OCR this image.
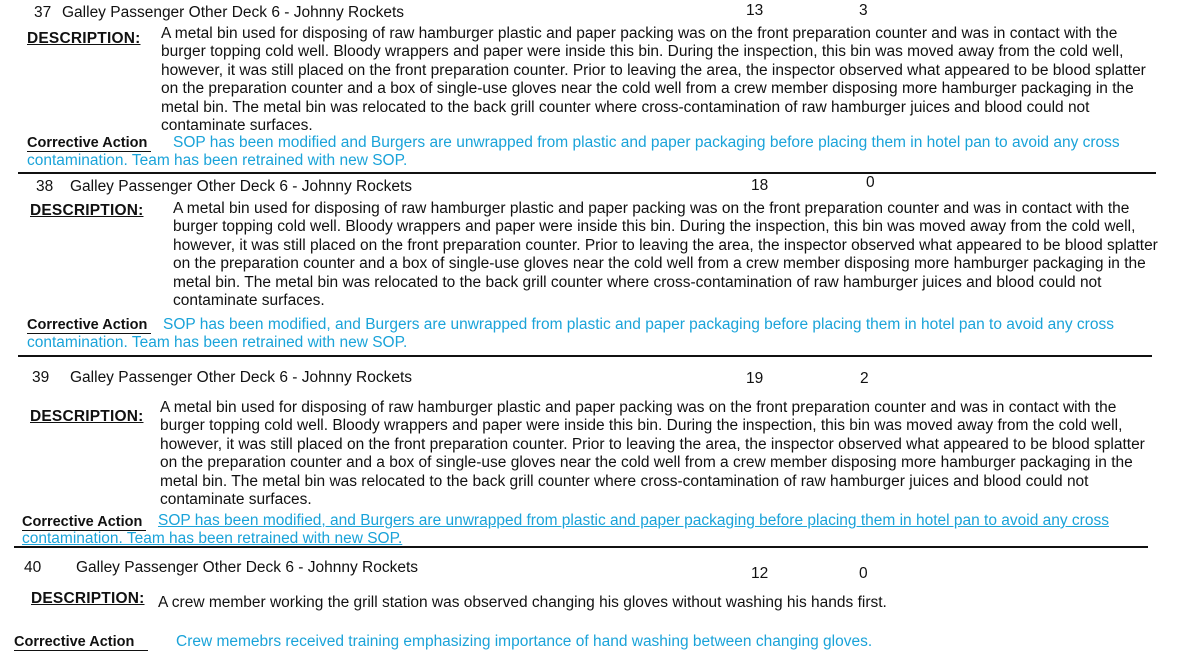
37 Galley Passenger Other Deck 6 - Johnny Rockets	13	3
DESCRIPTION: A metal bin used for disposing of raw hamburger plastic and paper packing was on the front preparation counter and was in contact with the burger topping cold well. Bloody wrappers and paper were inside this bin. During the inspection, this bin was moved away from the cold well, however, it was still placed on the front preparation counter. Prior to leaving the area, the inspector observed what appeared to be blood splatter on the preparation counter and a box of single-use gloves near the cold well from a crew member disposing more hamburger packaging in the metal bin. The metal bin was relocated to the back grill counter where cross-contamination of raw hamburger juices and blood could not contaminate surfaces.
Corrective Action	SOP has been modified and Burgers are unwrapped from plastic and paper packaging before placing them in hotel pan to avoid any cross contamination. Team has been retrained with new SOP.
38 Galley Passenger Other Deck 6 - Johnny Rockets	18	0
DESCRIPTION: A metal bin used for disposing of raw hamburger plastic and paper packing was on the front preparation counter and was in contact with the burger topping cold well. Bloody wrappers and paper were inside this bin. During the inspection, this bin was moved away from the cold well, however, it was still placed on the front preparation counter. Prior to leaving the area, the inspector observed what appeared to be blood splatter on the preparation counter and a box of single-use gloves near the cold well from a crew member disposing more hamburger packaging in the metal bin. The metal bin was relocated to the back grill counter where cross-contamination of raw hamburger juices and blood could not contaminate surfaces.
Corrective Action	SOP has been modified, and Burgers are unwrapped from plastic and paper packaging before placing them in hotel pan to avoid any cross contamination. Team has been retrained with new SOP.
39 Galley Passenger Other Deck 6 - Johnny Rockets	19	2
DESCRIPTION:
A metal bin used for disposing of raw hamburger plastic and paper packing was on the front preparation counter and was in contact with the burger topping cold well. Bloody wrappers and paper were inside this bin. During the inspection, this bin was moved away from the cold well, however, it was still placed on the front preparation counter. Prior to leaving the area, the inspector observed what appeared to be blood splatter on the preparation counter and a box of single-use gloves near the cold well from a crew member disposing more hamburger packaging in the metal bin. The metal bin was relocated to the back grill counter where cross-contamination of raw hamburger juices and blood could not contaminate surfaces.
Corrective Action	SOP has been modified, and Burgers are unwrapped from plastic and paper packaging before placing them in hotel pan to avoid any cross contamination. Team has been retrained with new SOP.
40 Galley Passenger Other Deck 6 - Johnny Rockets	12	0
DESCRIPTION: A crew member working the grill station was observed changing his gloves without washing his hands first.
Corrective Action	Crew memebrs received training emphasizing importance of hand washing between changing gloves.
